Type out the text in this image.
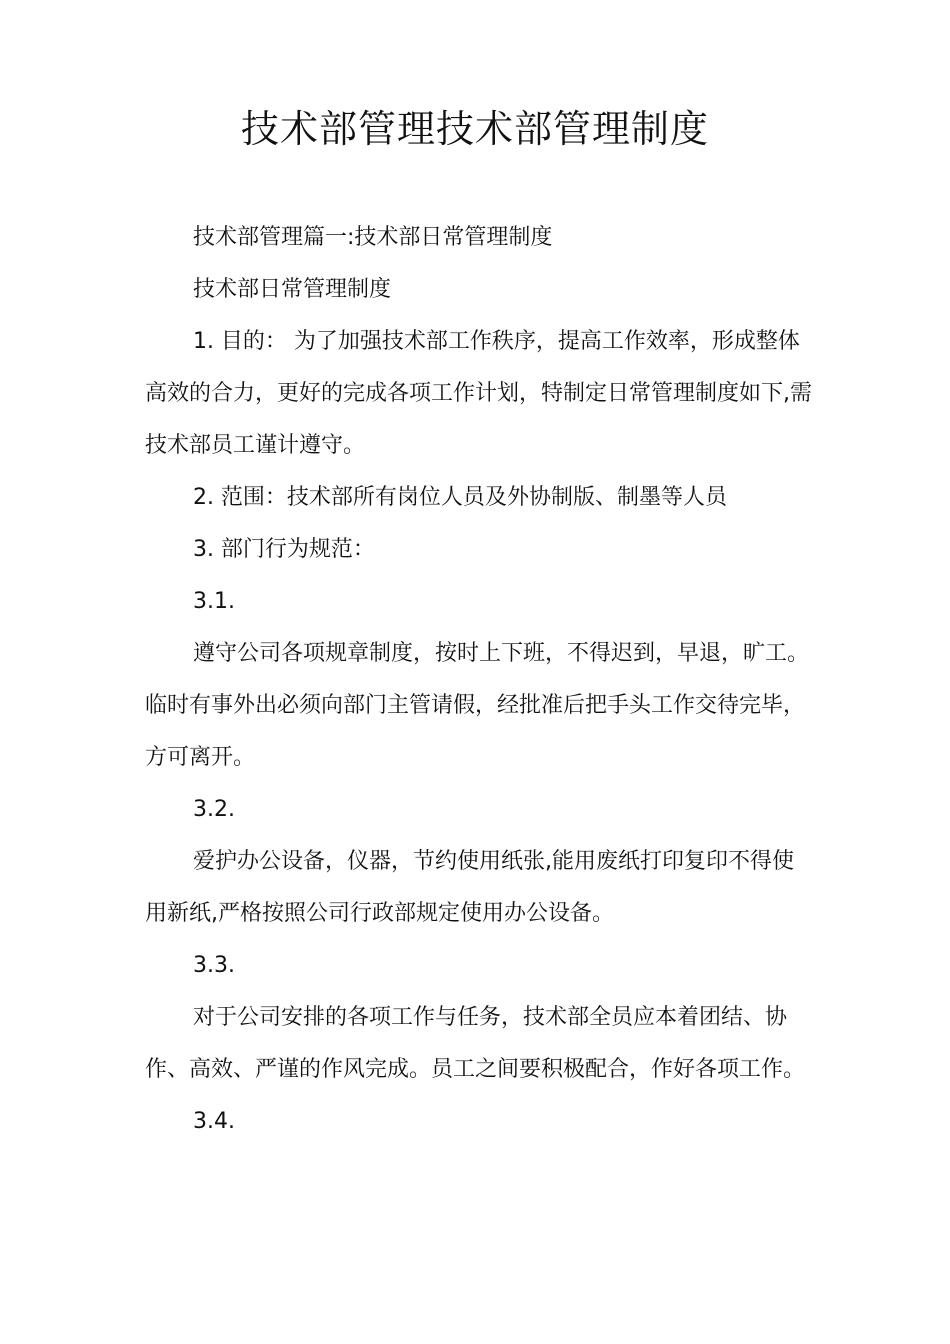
技术部管理技术部管理制度

技术部管理篇一:技术部日常管理制度

技术部日常管理制度

1. 目的： 为了加强技术部工作秩序，提高工作效率，形成整体高效的合力，更好的完成各项工作计划，特制定日常管理制度如下,需技术部员工谨计遵守。

2. 范围：技术部所有岗位人员及外协制版、制墨等人员

3. 部门行为规范：

3.1.

遵守公司各项规章制度，按时上下班，不得迟到，早退，旷工。临时有事外出必须向部门主管请假，经批准后把手头工作交待完毕，方可离开。

3.2.

爱护办公设备，仪器，节约使用纸张,能用废纸打印复印不得使用新纸,严格按照公司行政部规定使用办公设备。

3.3.

对于公司安排的各项工作与任务，技术部全员应本着团结、协作、高效、严谨的作风完成。员工之间要积极配合，作好各项工作。

3.4.
